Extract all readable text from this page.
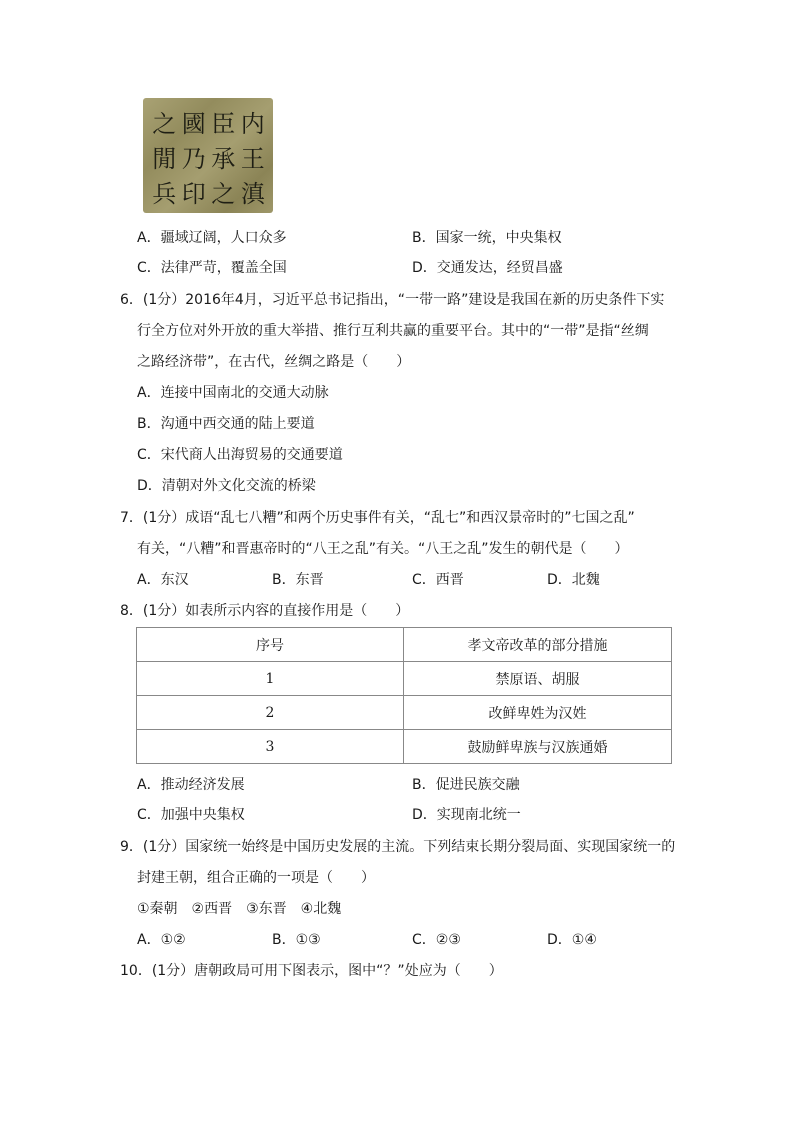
之 國 臣 内
閒 乃 承 王
兵 印 之 滇
A．疆域辽阔，人口众多	B．国家一统，中央集权
C．法律严苛，覆盖全国	D．交通发达，经贸昌盛
6．(1分）2016年4月，习近平总书记指出，“一带一路”建设是我国在新的历史条件下实
行全方位对外开放的重大举措、推行互利共赢的重要平台。其中的“一带”是指“丝绸
之路经济带”，在古代，丝绸之路是（　　）
A．连接中国南北的交通大动脉
B．沟通中西交通的陆上要道
C．宋代商人出海贸易的交通要道
D．清朝对外文化交流的桥梁
7．(1分）成语“乱七八糟”和两个历史事件有关，“乱七”和西汉景帝时的”七国之乱”
有关，“八糟”和晋惠帝时的“八王之乱”有关。“八王之乱”发生的朝代是（　　）
A．东汉	B．东晋	C．西晋	D．北魏
8．(1分）如表所示内容的直接作用是（　　）
序号	孝文帝改革的部分措施
1	禁原语、胡服
2	改鲜卑姓为汉姓
3	鼓励鲜卑族与汉族通婚
A．推动经济发展	B．促进民族交融
C．加强中央集权	D．实现南北统一
9．(1分）国家统一始终是中国历史发展的主流。下列结束长期分裂局面、实现国家统一的
封建王朝，组合正确的一项是（　　）
①秦朝　②西晋　③东晋　④北魏
A．①②	B．①③	C．②③	D．①④
10．(1分）唐朝政局可用下图表示，图中“？”处应为（　　）
